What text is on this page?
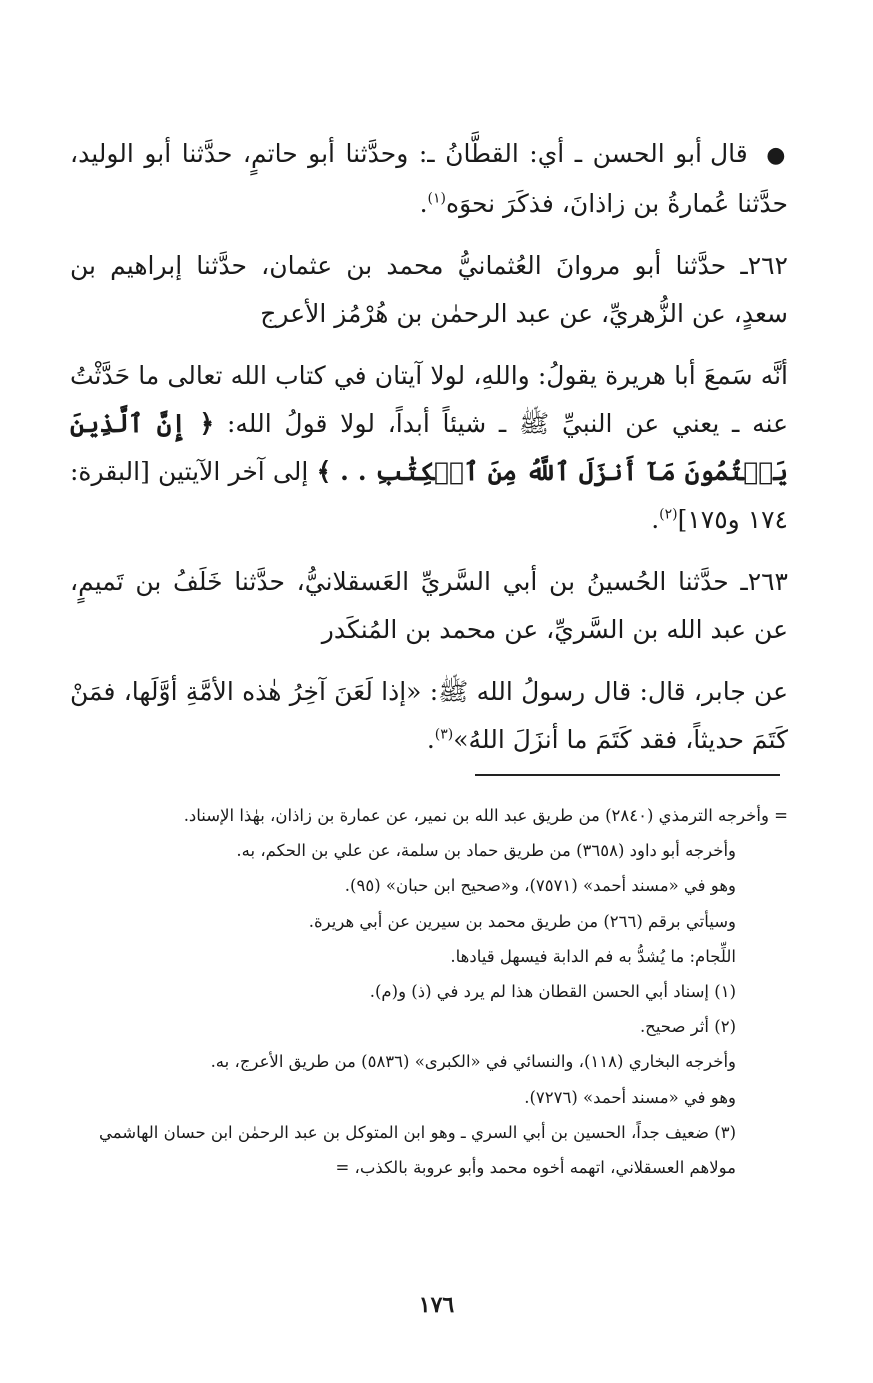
● قال أبو الحسن ـ أي: القطَّانُ ـ: وحدَّثنا أبو حاتمٍ، حدَّثنا أبو الوليد، حدَّثنا عُمارةُ بن زاذانَ، فذكَرَ نحوَه$^{(١)}$.

٢٦٢ـ حدَّثنا أبو مروانَ العُثمانيُّ محمد بن عثمان، حدَّثنا إبراهيم بن سعدٍ، عن الزُّهريِّ، عن عبد الرحمٰن بن هُرْمُز الأعرج

أنَّه سَمعَ أبا هريرة يقولُ: واللهِ، لولا آيتان في كتاب الله تعالى ما حَدَّثْتُ عنه ـ يعني عن النبيِّ ﷺ ـ شيئاً أبداً، لولا قولُ الله: ﴿ إِنَّ ٱلَّذِينَ يَكۡتُمُونَ مَآ أَنزَلَ ٱللَّهُ مِنَ ٱلۡكِتَٰبِ . . ﴾ إلى آخر الآيتين [البقرة: ١٧٤ و١٧٥]$^{(٢)}$.

٢٦٣ـ حدَّثنا الحُسينُ بن أبي السَّريِّ العَسقلانيُّ، حدَّثنا خَلَفُ بن تَميمٍ، عن عبد الله بن السَّريِّ، عن محمد بن المُنكَدر

عن جابر، قال: قال رسولُ الله ﷺ: «إذا لَعَنَ آخِرُ هٰذه الأمَّةِ أوَّلَها، فمَنْ كَتَمَ حديثاً، فقد كَتَمَ ما أنزَلَ اللهُ»$^{(٣)}$.

= وأخرجه الترمذي (٢٨٤٠) من طريق عبد الله بن نمير، عن عمارة بن زاذان، بهٰذا الإسناد.

وأخرجه أبو داود (٣٦٥٨) من طريق حماد بن سلمة، عن علي بن الحكم، به.

وهو في «مسند أحمد» (٧٥٧١)، و«صحيح ابن حبان» (٩٥).

وسيأتي برقم (٢٦٦) من طريق محمد بن سيرين عن أبي هريرة.

اللِّجام: ما يُشدُّ به فم الدابة فيسهل قيادها.

(١) إسناد أبي الحسن القطان هذا لم يرد في (ذ) و(م).

(٢) أثر صحيح.

وأخرجه البخاري (١١٨)، والنسائي في «الكبرى» (٥٨٣٦) من طريق الأعرج، به.

وهو في «مسند أحمد» (٧٢٧٦).

(٣) ضعيف جداً، الحسين بن أبي السري ـ وهو ابن المتوكل بن عبد الرحمٰن ابن حسان الهاشمي مولاهم العسقلاني، اتهمه أخوه محمد وأبو عروبة بالكذب، =

١٧٦
